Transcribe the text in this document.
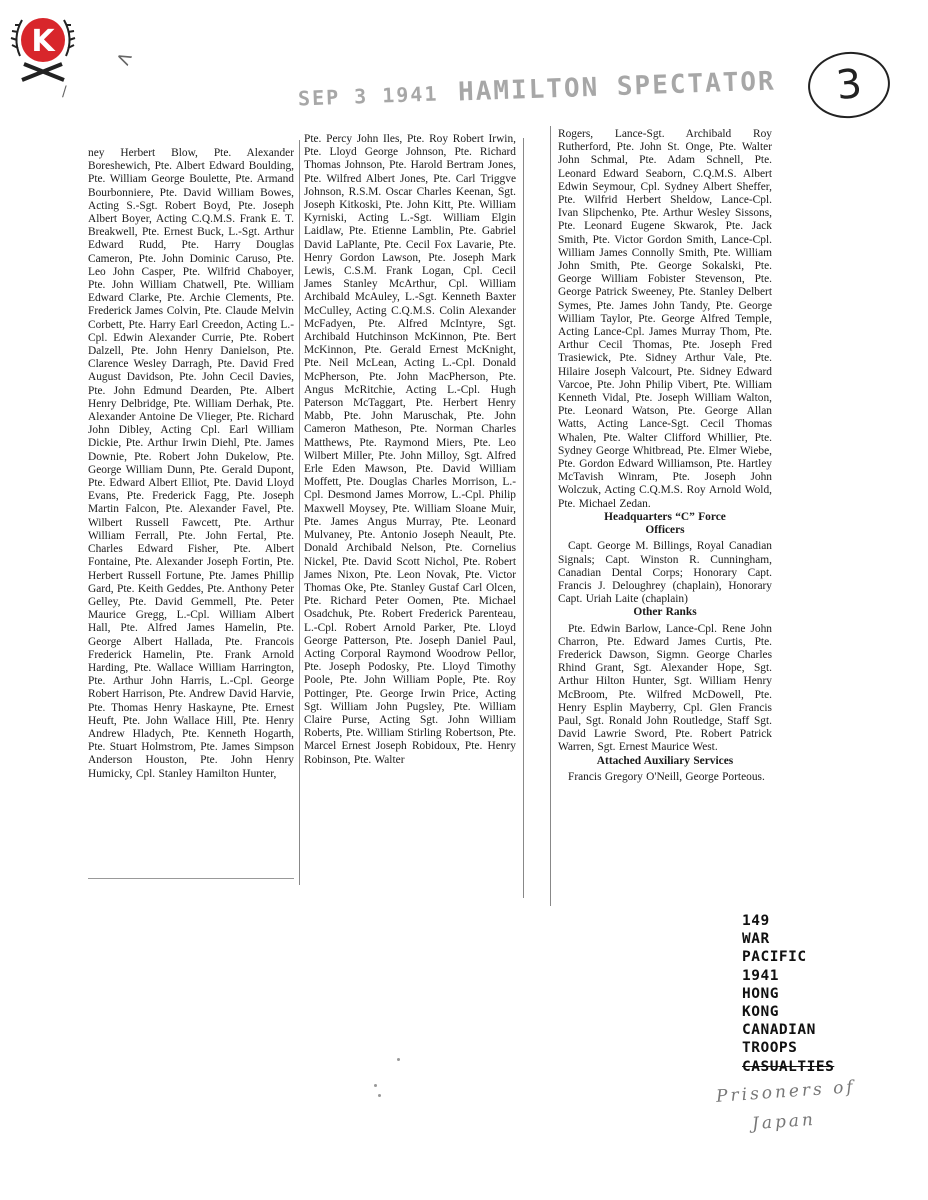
K	<
/	SEP 3 1941 HAMILTON SPECTATOR 3

ney Herbert Blow, Pte. Alexander Boreshewich, Pte. Albert Edward Boulding, Pte. William George Boulette, Pte. Armand Bourbonniere, Pte. David William Bowes, Acting S.-Sgt. Robert Boyd, Pte. Joseph Albert Boyer, Acting C.Q.M.S. Frank E. T. Breakwell, Pte. Ernest Buck, L.-Sgt. Arthur Edward Rudd, Pte. Harry Douglas Cameron, Pte. John Dominic Caruso, Pte. Leo John Casper, Pte. Wilfrid Chaboyer, Pte. John William Chatwell, Pte. William Edward Clarke, Pte. Archie Clements, Pte. Frederick James Colvin, Pte. Claude Melvin Corbett, Pte. Harry Earl Creedon, Acting L.-Cpl. Edwin Alexander Currie, Pte. Robert Dalzell, Pte. John Henry Danielson, Pte. Clarence Wesley Darragh, Pte. David Fred August Davidson, Pte. John Cecil Davies, Pte. John Edmund Dearden, Pte. Albert Henry Delbridge, Pte. William Derhak, Pte. Alexander Antoine De Vlieger, Pte. Richard John Dibley, Acting Cpl. Earl William Dickie, Pte. Arthur Irwin Diehl, Pte. James Downie, Pte. Robert John Dukelow, Pte. George William Dunn, Pte. Gerald Dupont, Pte. Edward Albert Elliot, Pte. David Lloyd Evans, Pte. Frederick Fagg, Pte. Joseph Martin Falcon, Pte. Alexander Favel, Pte. Wilbert Russell Fawcett, Pte. Arthur William Ferrall, Pte. John Fertal, Pte. Charles Edward Fisher, Pte. Albert Fontaine, Pte. Alexander Joseph Fortin, Pte. Herbert Russell Fortune, Pte. James Phillip Gard, Pte. Keith Geddes, Pte. Anthony Peter Gelley, Pte. David Gemmell, Pte. Peter Maurice Gregg, L.-Cpl. William Albert Hall, Pte. Alfred James Hamelin, Pte. George Albert Hallada, Pte. Francois Frederick Hamelin, Pte. Frank Arnold Harding, Pte. Wallace William Harrington, Pte. Arthur John Harris, L.-Cpl. George Robert Harrison, Pte. Andrew David Harvie, Pte. Thomas Henry Haskayne, Pte. Ernest Heuft, Pte. John Wallace Hill, Pte. Henry Andrew Hladych, Pte. Kenneth Hogarth, Pte. Stuart Holmstrom, Pte. James Simpson Anderson Houston, Pte. John Henry Humicky, Cpl. Stanley Hamilton Hunter,

Pte. Percy John Iles, Pte. Roy Robert Irwin, Pte. Lloyd George Johnson, Pte. Richard Thomas Johnson, Pte. Harold Bertram Jones, Pte. Wilfred Albert Jones, Pte. Carl Triggve Johnson, R.S.M. Oscar Charles Keenan, Sgt. Joseph Kitkoski, Pte. John Kitt, Pte. William Kyrniski, Acting L.-Sgt. William Elgin Laidlaw, Pte. Etienne Lamblin, Pte. Gabriel David LaPlante, Pte. Cecil Fox Lavarie, Pte. Henry Gordon Lawson, Pte. Joseph Mark Lewis, C.S.M. Frank Logan, Cpl. Cecil James Stanley McArthur, Cpl. William Archibald McAuley, L.-Sgt. Kenneth Baxter McCulley, Acting C.Q.M.S. Colin Alexander McFadyen, Pte. Alfred McIntyre, Sgt. Archibald Hutchinson McKinnon, Pte. Bert McKinnon, Pte. Gerald Ernest McKnight, Pte. Neil McLean, Acting L.-Cpl. Donald McPherson, Pte. John MacPherson, Pte. Angus McRitchie, Acting L.-Cpl. Hugh Paterson McTaggart, Pte. Herbert Henry Mabb, Pte. John Maruschak, Pte. John Cameron Matheson, Pte. Norman Charles Matthews, Pte. Raymond Miers, Pte. Leo Wilbert Miller, Pte. John Milloy, Sgt. Alfred Erle Eden Mawson, Pte. David William Moffett, Pte. Douglas Charles Morrison, L.-Cpl. Desmond James Morrow, L.-Cpl. Philip Maxwell Moysey, Pte. William Sloane Muir, Pte. James Angus Murray, Pte. Leonard Mulvaney, Pte. Antonio Joseph Neault, Pte. Donald Archibald Nelson, Pte. Cornelius Nickel, Pte. David Scott Nichol, Pte. Robert James Nixon, Pte. Leon Novak, Pte. Victor Thomas Oke, Pte. Stanley Gustaf Carl Olcen, Pte. Richard Peter Oomen, Pte. Michael Osadchuk, Pte. Robert Frederick Parenteau, L.-Cpl. Robert Arnold Parker, Pte. Lloyd George Patterson, Pte. Joseph Daniel Paul, Acting Corporal Raymond Woodrow Pellor, Pte. Joseph Podosky, Pte. Lloyd Timothy Poole, Pte. John William Pople, Pte. Roy Pottinger, Pte. George Irwin Price, Acting Sgt. William John Pugsley, Pte. William Claire Purse, Acting Sgt. John William Roberts, Pte. William Stirling Robertson, Pte. Marcel Ernest Joseph Robidoux, Pte. Henry Robinson, Pte. Walter

Rogers, Lance-Sgt. Archibald Roy Rutherford, Pte. John St. Onge, Pte. Walter John Schmal, Pte. Adam Schnell, Pte. Leonard Edward Seaborn, C.Q.M.S. Albert Edwin Seymour, Cpl. Sydney Albert Sheffer, Pte. Wilfrid Herbert Sheldow, Lance-Cpl. Ivan Slipchenko, Pte. Arthur Wesley Sissons, Pte. Leonard Eugene Skwarok, Pte. Jack Smith, Pte. Victor Gordon Smith, Lance-Cpl. William James Connolly Smith, Pte. William John Smith, Pte. George Sokalski, Pte. George William Fobister Stevenson, Pte. George Patrick Sweeney, Pte. Stanley Delbert Symes, Pte. James John Tandy, Pte. George William Taylor, Pte. George Alfred Temple, Acting Lance-Cpl. James Murray Thom, Pte. Arthur Cecil Thomas, Pte. Joseph Fred Trasiewick, Pte. Sidney Arthur Vale, Pte. Hilaire Joseph Valcourt, Pte. Sidney Edward Varcoe, Pte. John Philip Vibert, Pte. William Kenneth Vidal, Pte. Joseph William Walton, Pte. Leonard Watson, Pte. George Allan Watts, Acting Lance-Sgt. Cecil Thomas Whalen, Pte. Walter Clifford Whillier, Pte. Sydney George Whitbread, Pte. Elmer Wiebe, Pte. Gordon Edward Williamson, Pte. Hartley McTavish Winram, Pte. Joseph John Wolczuk, Acting C.Q.M.S. Roy Arnold Wold, Pte. Michael Zedan.

Headquarters “C” Force

Officers

Capt. George M. Billings, Royal Canadian Signals; Capt. Winston R. Cunningham, Canadian Dental Corps; Honorary Capt. Francis J. Deloughrey (chaplain), Honorary Capt. Uriah Laite (chaplain)

Other Ranks

Pte. Edwin Barlow, Lance-Cpl. Rene John Charron, Pte. Edward James Curtis, Pte. Frederick Dawson, Sigmn. George Charles Rhind Grant, Sgt. Alexander Hope, Sgt. Arthur Hilton Hunter, Sgt. William Henry McBroom, Pte. Wilfred McDowell, Pte. Henry Esplin Mayberry, Cpl. Glen Francis Paul, Sgt. Ronald John Routledge, Staff Sgt. David Lawrie Sword, Pte. Robert Patrick Warren, Sgt. Ernest Maurice West.

Attached Auxiliary Services

Francis Gregory O'Neill, George Porteous.

149
WAR
PACIFIC
1941
HONG
KONG
CANADIAN
TROOPS
CASUALTIES
Prisoners of
Japan
